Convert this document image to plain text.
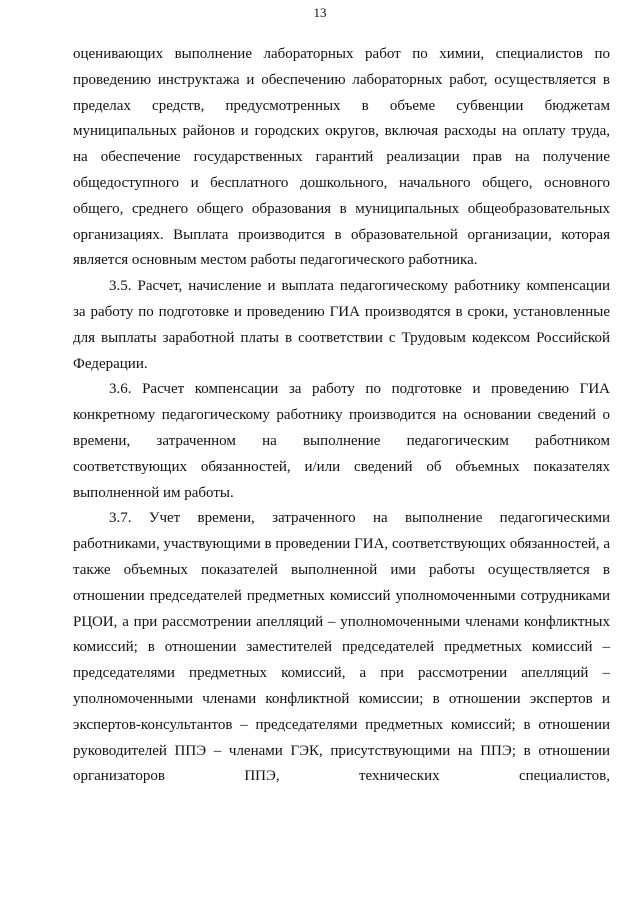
13

оценивающих выполнение лабораторных работ по химии, специалистов по проведению инструктажа и обеспечению лабораторных работ, осуществляется в пределах средств, предусмотренных в объеме субвенции бюджетам муниципальных районов и городских округов, включая расходы на оплату труда, на обеспечение государственных гарантий реализации прав на получение общедоступного и бесплатного дошкольного, начального общего, основного общего, среднего общего образования в муниципальных общеобразовательных организациях. Выплата производится в образовательной организации, которая является основным местом работы педагогического работника.

3.5. Расчет, начисление и выплата педагогическому работнику компенсации за работу по подготовке и проведению ГИА производятся в сроки, установленные для выплаты заработной платы в соответствии с Трудовым кодексом Российской Федерации.

3.6. Расчет компенсации за работу по подготовке и проведению ГИА конкретному педагогическому работнику производится на основании сведений о времени, затраченном на выполнение педагогическим работником соответствующих обязанностей, и/или сведений об объемных показателях выполненной им работы.

3.7. Учет времени, затраченного на выполнение педагогическими работниками, участвующими в проведении ГИА, соответствующих обязанностей, а также объемных показателей выполненной ими работы осуществляется в отношении председателей предметных комиссий уполномоченными сотрудниками РЦОИ, а при рассмотрении апелляций – уполномоченными членами конфликтных комиссий; в отношении заместителей председателей предметных комиссий – председателями предметных комиссий, а при рассмотрении апелляций – уполномоченными членами конфликтной комиссии; в отношении экспертов и экспертов-консультантов – председателями предметных комиссий; в отношении руководителей ППЭ – членами ГЭК, присутствующими на ППЭ; в отношении организаторов ППЭ, технических специалистов,
